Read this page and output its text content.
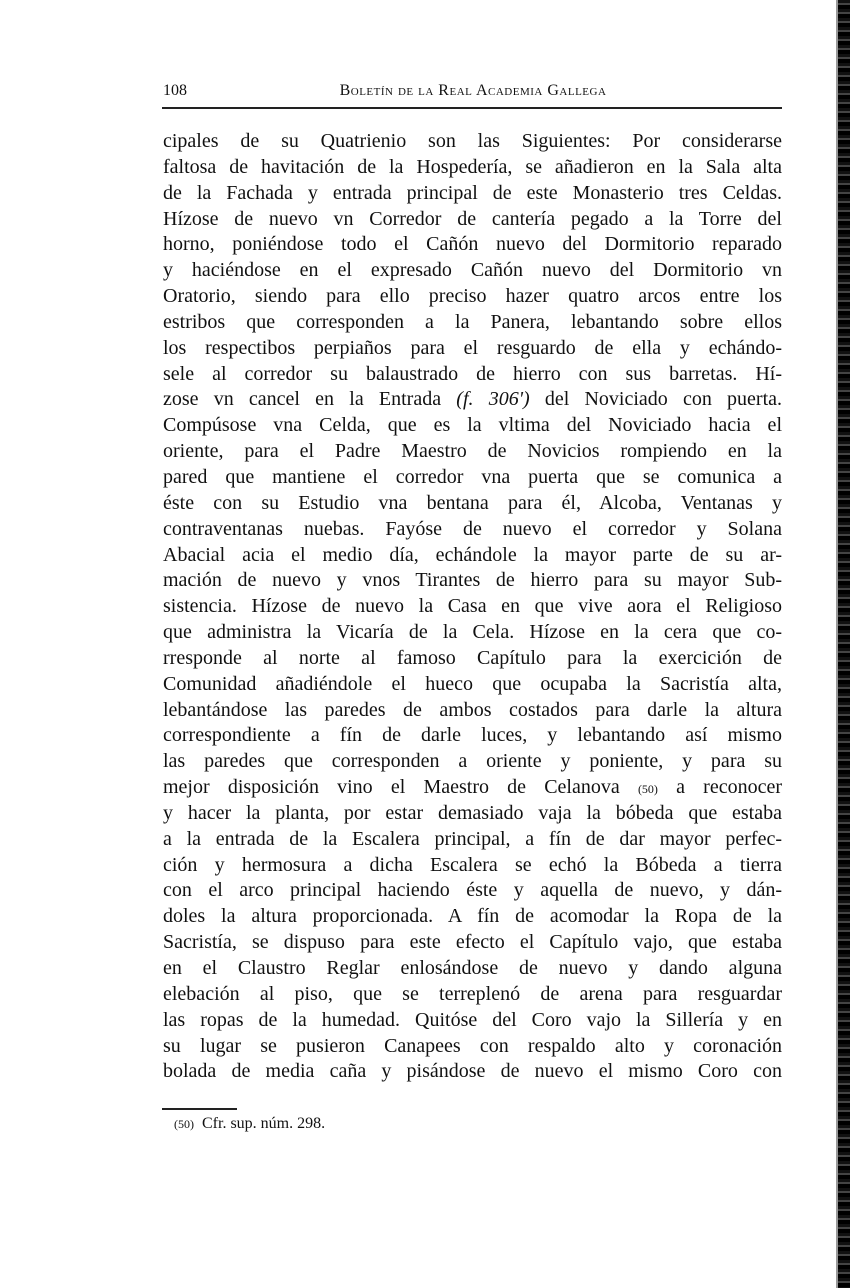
108	Boletín de la Real Academia Gallega
cipales de su Quatrienio son las Siguientes: Por considerarse
faltosa de havitación de la Hospedería, se añadieron en la Sala alta
de la Fachada y entrada principal de este Monasterio tres Celdas.
Hízose de nuevo vn Corredor de cantería pegado a la Torre del
horno, poniéndose todo el Cañón nuevo del Dormitorio reparado
y haciéndose en el expresado Cañón nuevo del Dormitorio vn
Oratorio, siendo para ello preciso hazer quatro arcos entre los
estribos que corresponden a la Panera, lebantando sobre ellos
los respectibos perpiaños para el resguardo de ella y echándo-
sele al corredor su balaustrado de hierro con sus barretas. Hí-
zose vn cancel en la Entrada (f. 306') del Noviciado con puerta.
Compúsose vna Celda, que es la vltima del Noviciado hacia el
oriente, para el Padre Maestro de Novicios rompiendo en la
pared que mantiene el corredor vna puerta que se comunica a
éste con su Estudio vna bentana para él, Alcoba, Ventanas y
contraventanas nuebas. Fayóse de nuevo el corredor y Solana
Abacial acia el medio día, echándole la mayor parte de su ar-
mación de nuevo y vnos Tirantes de hierro para su mayor Sub-
sistencia. Hízose de nuevo la Casa en que vive aora el Religioso
que administra la Vicaría de la Cela. Hízose en la cera que co-
rresponde al norte al famoso Capítulo para la exercición de
Comunidad añadiéndole el hueco que ocupaba la Sacristía alta,
lebantándose las paredes de ambos costados para darle la altura
correspondiente a fín de darle luces, y lebantando así mismo
las paredes que corresponden a oriente y poniente, y para su
mejor disposición vino el Maestro de Celanova (50) a reconocer
y hacer la planta, por estar demasiado vaja la bóbeda que estaba
a la entrada de la Escalera principal, a fín de dar mayor perfec-
ción y hermosura a dicha Escalera se echó la Bóbeda a tierra
con el arco principal haciendo éste y aquella de nuevo, y dán-
doles la altura proporcionada. A fín de acomodar la Ropa de la
Sacristía, se dispuso para este efecto el Capítulo vajo, que estaba
en el Claustro Reglar enlosándose de nuevo y dando alguna
elebación al piso, que se terreplenó de arena para resguardar
las ropas de la humedad. Quitóse del Coro vajo la Sillería y en
su lugar se pusieron Canapees con respaldo alto y coronación
bolada de media caña y pisándose de nuevo el mismo Coro con
(50) Cfr. sup. núm. 298.
